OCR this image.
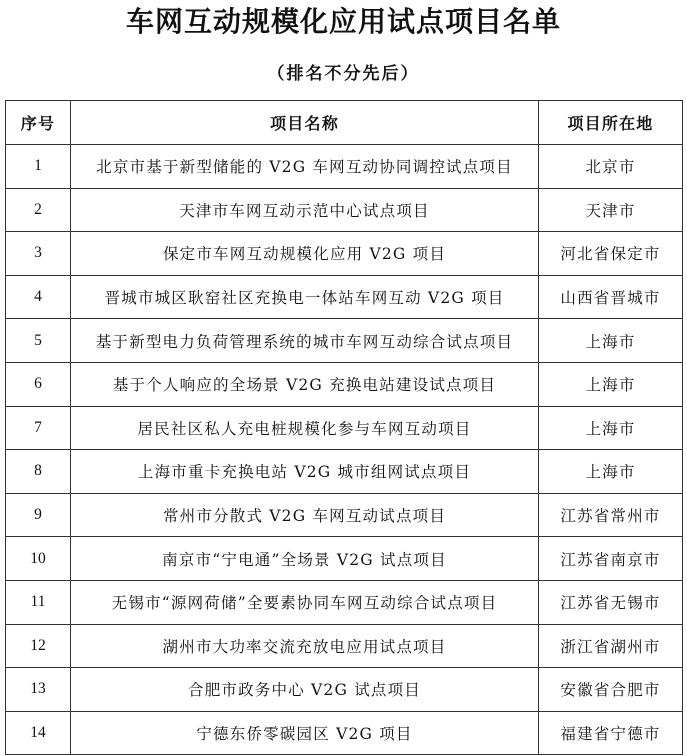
车网互动规模化应用试点项目名单
（排名不分先后）
序号	项目名称	项目所在地
1	北京市基于新型储能的 V2G 车网互动协同调控试点项目	北京市
2	天津市车网互动示范中心试点项目	天津市
3	保定市车网互动规模化应用 V2G 项目	河北省保定市
4	晋城市城区耿窑社区充换电一体站车网互动 V2G 项目	山西省晋城市
5	基于新型电力负荷管理系统的城市车网互动综合试点项目	上海市
6	基于个人响应的全场景 V2G 充换电站建设试点项目	上海市
7	居民社区私人充电桩规模化参与车网互动项目	上海市
8	上海市重卡充换电站 V2G 城市组网试点项目	上海市
9	常州市分散式 V2G 车网互动试点项目	江苏省常州市
10	南京市“宁电通”全场景 V2G 试点项目	江苏省南京市
11	无锡市“源网荷储”全要素协同车网互动综合试点项目	江苏省无锡市
12	湖州市大功率交流充放电应用试点项目	浙江省湖州市
13	合肥市政务中心 V2G 试点项目	安徽省合肥市
14	宁德东侨零碳园区 V2G 项目	福建省宁德市
